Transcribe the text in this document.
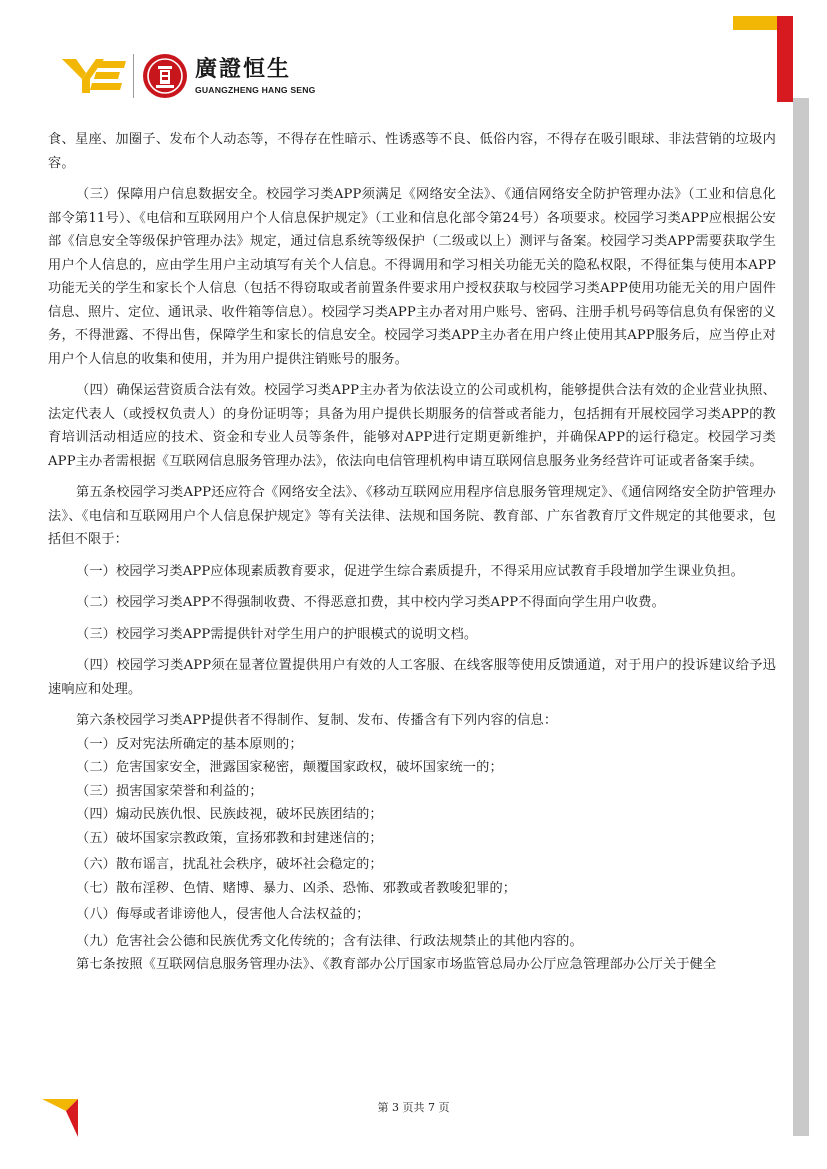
廣證恒生
GUANGZHENG HANG SENG

食、星座、加圈子、发布个人动态等，不得存在性暗示、性诱惑等不良、低俗内容，不得存在吸引眼球、非法营销的垃圾内容。

（三）保障用户信息数据安全。校园学习类APP须满足《网络安全法》、《通信网络安全防护管理办法》（工业和信息化部令第11号）、《电信和互联网用户个人信息保护规定》（工业和信息化部令第24号）各项要求。校园学习类APP应根据公安部《信息安全等级保护管理办法》规定，通过信息系统等级保护（二级或以上）测评与备案。校园学习类APP需要获取学生用户个人信息的，应由学生用户主动填写有关个人信息。不得调用和学习相关功能无关的隐私权限，不得征集与使用本APP功能无关的学生和家长个人信息（包括不得窃取或者前置条件要求用户授权获取与校园学习类APP使用功能无关的用户固件信息、照片、定位、通讯录、收件箱等信息）。校园学习类APP主办者对用户账号、密码、注册手机号码等信息负有保密的义务，不得泄露、不得出售，保障学生和家长的信息安全。校园学习类APP主办者在用户终止使用其APP服务后，应当停止对用户个人信息的收集和使用，并为用户提供注销账号的服务。

（四）确保运营资质合法有效。校园学习类APP主办者为依法设立的公司或机构，能够提供合法有效的企业营业执照、法定代表人（或授权负责人）的身份证明等；具备为用户提供长期服务的信誉或者能力，包括拥有开展校园学习类APP的教育培训活动相适应的技术、资金和专业人员等条件，能够对APP进行定期更新维护，并确保APP的运行稳定。校园学习类APP主办者需根据《互联网信息服务管理办法》，依法向电信管理机构申请互联网信息服务业务经营许可证或者备案手续。

第五条校园学习类APP还应符合《网络安全法》、《移动互联网应用程序信息服务管理规定》、《通信网络安全防护管理办法》、《电信和互联网用户个人信息保护规定》等有关法律、法规和国务院、教育部、广东省教育厅文件规定的其他要求，包括但不限于：

（一）校园学习类APP应体现素质教育要求，促进学生综合素质提升，不得采用应试教育手段增加学生课业负担。

（二）校园学习类APP不得强制收费、不得恶意扣费，其中校内学习类APP不得面向学生用户收费。

（三）校园学习类APP需提供针对学生用户的护眼模式的说明文档。

（四）校园学习类APP须在显著位置提供用户有效的人工客服、在线客服等使用反馈通道，对于用户的投诉建议给予迅速响应和处理。

第六条校园学习类APP提供者不得制作、复制、发布、传播含有下列内容的信息：

（一）反对宪法所确定的基本原则的；

（二）危害国家安全，泄露国家秘密，颠覆国家政权，破坏国家统一的；

（三）损害国家荣誉和利益的；

（四）煽动民族仇恨、民族歧视，破坏民族团结的；

（五）破坏国家宗教政策，宣扬邪教和封建迷信的；

（六）散布谣言，扰乱社会秩序，破坏社会稳定的；

（七）散布淫秽、色情、赌博、暴力、凶杀、恐怖、邪教或者教唆犯罪的；

（八）侮辱或者诽谤他人，侵害他人合法权益的；

（九）危害社会公德和民族优秀文化传统的；含有法律、行政法规禁止的其他内容的。

第七条按照《互联网信息服务管理办法》、《教育部办公厅国家市场监管总局办公厅应急管理部办公厅关于健全

第 3 页共 7 页
